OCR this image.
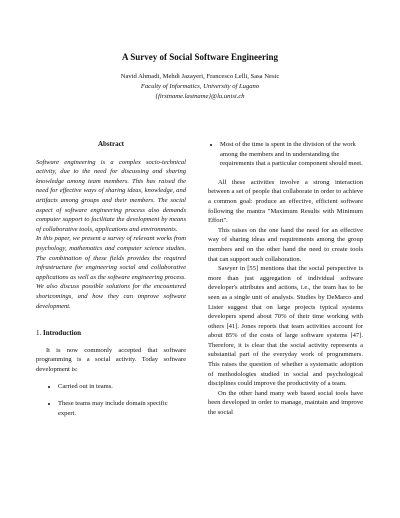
A Survey of Social Software Engineering
Navid Ahmadi, Mehdi Jazayeri, Francesco Lelli, Sasa Nesic
Faculty of Informatics, University of Lugano
{firstname.lastname}@lu.unisi.ch
Abstract

Software engineering is a complex socio-technical activity, due to the need for discussing and sharing knowledge among team members. This has raised the need for effective ways of sharing ideas, knowledge, and artifacts among groups and their members. The social aspect of software engineering process also demands computer support to facilitate the development by means of collaborative tools, applications and environments.

In this paper, we present a survey of relevant works from psychology, mathematics and computer science studies. The combination of these fields provides the required infrastructure for engineering social and collaborative applications as well as the software engineering process. We also discuss possible solutions for the encountered shortcomings, and how they can improve software development.

1. Introduction

It is now commonly accepted that software programming is a social activity. Today software development is:

• Carried out in teams.
• These teams may include domain specific expert.
• Most of the time is spent in the division of the work among the members and in understanding the requirements that a particular component should meet.

All these activities involve a strong interaction between a set of people that collaborate in order to achieve a common goal: produce an effective, efficient software following the mantra "Maximum Results with Minimum Effort".

This raises on the one hand the need for an effective way of sharing ideas and requirements among the group members and on the other hand the need to create tools that can support such collaboration.

Sawyer in [55] mentions that the social perspective is more than just aggregation of individual software developer's attributes and actions, i.e., the team has to be seen as a single unit of analysis. Studies by DeMarco and Lister suggest that on large projects typical systems developers spend about 70% of their time working with others [41]. Jones reports that team activities account for about 85% of the costs of large software systems [47]. Therefore, it is clear that the social activity represents a substantial part of the everyday work of programmers. This raises the question of whether a systematic adoption of methodologies studied in social and psychological disciplines could improve the productivity of a team.

On the other hand many web based social tools have been developed in order to manage, maintain and improve the social
